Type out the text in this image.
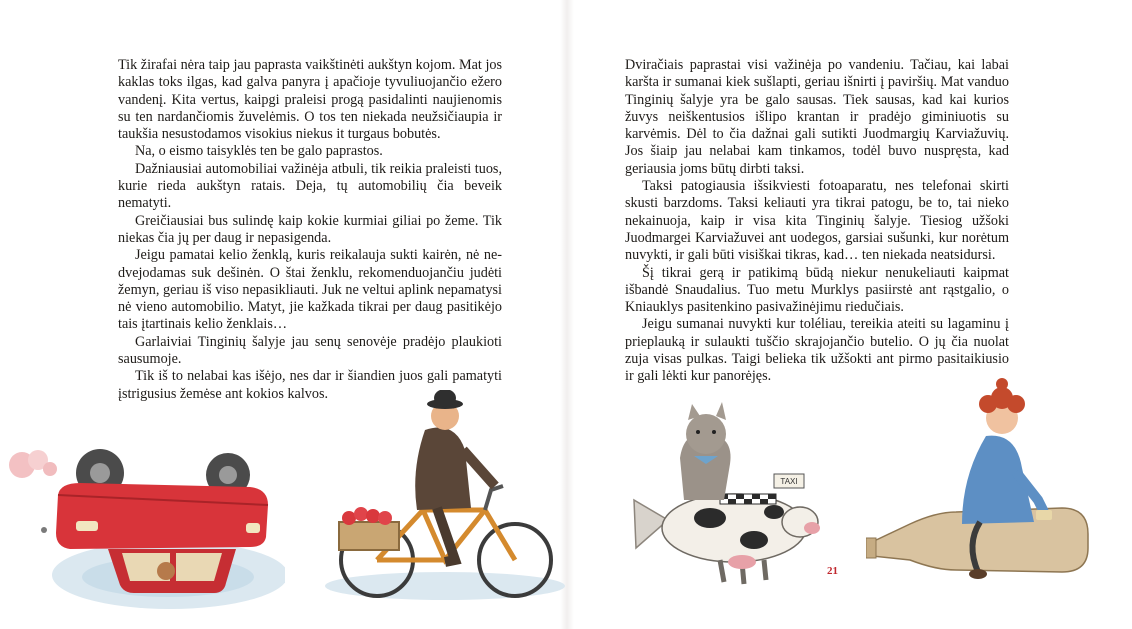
Tik žirafai nėra taip jau paprasta vaikštinėti aukštyn kojom. Mat jos kaklas toks ilgas, kad galva panyra į apačioje tyvuliuojančio ežero vandenį. Kita vertus, kaipgi praleisi progą pasidalinti naujienomis su ten nardančiomis žuvelėmis. O tos ten niekada neužsičiaupia ir taukšia nesustodamos visokius niekus it turgaus bobutės.

Na, o eismo taisyklės ten be galo paprastos.

Dažniausiai automobiliai važinėja atbuli, tik reikia praleisti tuos, kurie rieda aukštyn ratais. Deja, tų automobilių čia beveik nematyti.

Greičiausiai bus sulindę kaip kokie kurmiai giliai po žeme. Tik niekas čia jų per daug ir nepasigenda.

Jeigu pamatai kelio ženklą, kuris reikalauja sukti kairėn, nė nedvejodamas suk dešinėn. O štai ženklu, rekomenduojančiu judėti žemyn, geriau iš viso nepasikliauti. Juk ne veltui aplink nepamatysi nė vieno automobilio. Matyt, jie kažkada tikrai per daug pasitikėjo tais įtartinais kelio ženklais…

Garlaiviai Tinginių šalyje jau senų senovėje pradėjo plaukioti sausumoje.

Tik iš to nelabai kas išėjo, nes dar ir šiandien juos gali pamatyti įstrigusius žemėse ant kokios kalvos.

Dviračiais paprastai visi važinėja po vandeniu. Tačiau, kai labai karšta ir sumanai kiek sušlapti, geriau išnirti į paviršių. Mat vanduo Tinginių šalyje yra be galo sausas. Tiek sausas, kad kai kurios žuvys neiškentusios išlipo krantan ir pradėjo giminiuotis su karvėmis. Dėl to čia dažnai gali sutikti Juodmargių Karviažuvių. Jos šiaip jau nelabai kam tinkamos, todėl buvo nuspręsta, kad geriausia joms būtų dirbti taksi.

Taksi patogiausia išsikviesti fotoaparatu, nes telefonai skirti skusti barzdoms. Taksi keliauti yra tikrai patogu, be to, tai nieko nekainuoja, kaip ir visa kita Tinginių šalyje. Tiesiog užšoki Juodmargei Karviažuvei ant uodegos, garsiai sušunki, kur norėtum nuvykti, ir gali būti visiškai tikras, kad… ten niekada neatsidursi.

Šį tikrai gerą ir patikimą būdą niekur nenukeliauti kaipmat išbandė Snaudalius. Tuo metu Murklys pasiirstė ant rąstgalio, o Kniauklys pasitenkino pasivažinėjimu riedučiais.

Jeigu sumanai nuvykti kur toléliau, tereikia ateiti su lagaminu į prieplauką ir sulaukti tuščio skrajojančio butelio. O jų čia nuolat zuja visas pulkas. Taigi belieka tik užšokti ant pirmo pasitaikiusio ir gali lėkti kur panorėjęs.

TAXI
21
